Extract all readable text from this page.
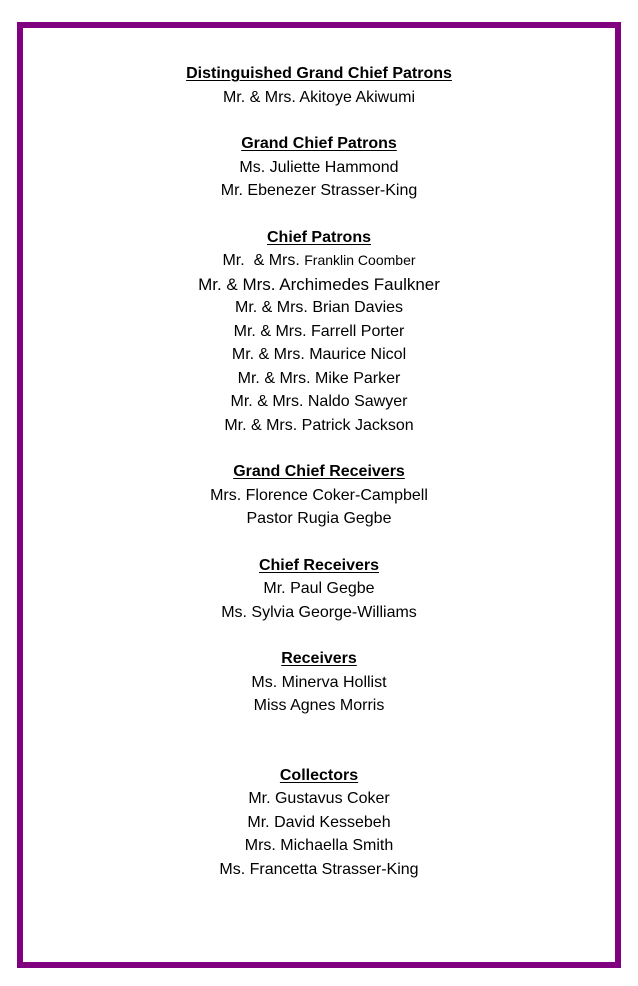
Distinguished Grand Chief Patrons
Mr. & Mrs. Akitoye Akiwumi
Grand Chief Patrons
Ms. Juliette Hammond
Mr. Ebenezer Strasser-King
Chief Patrons
Mr.  & Mrs. Franklin Coomber
Mr. & Mrs. Archimedes Faulkner
Mr. & Mrs. Brian Davies
Mr. & Mrs. Farrell Porter
Mr. & Mrs. Maurice Nicol
Mr. & Mrs. Mike Parker
Mr. & Mrs. Naldo Sawyer
Mr. & Mrs. Patrick Jackson
Grand Chief Receivers
Mrs. Florence Coker-Campbell
Pastor Rugia Gegbe
Chief Receivers
Mr. Paul Gegbe
Ms. Sylvia George-Williams
Receivers
Ms. Minerva Hollist
Miss Agnes Morris
Collectors
Mr. Gustavus Coker
Mr. David Kessebeh
Mrs. Michaella Smith
Ms. Francetta Strasser-King
